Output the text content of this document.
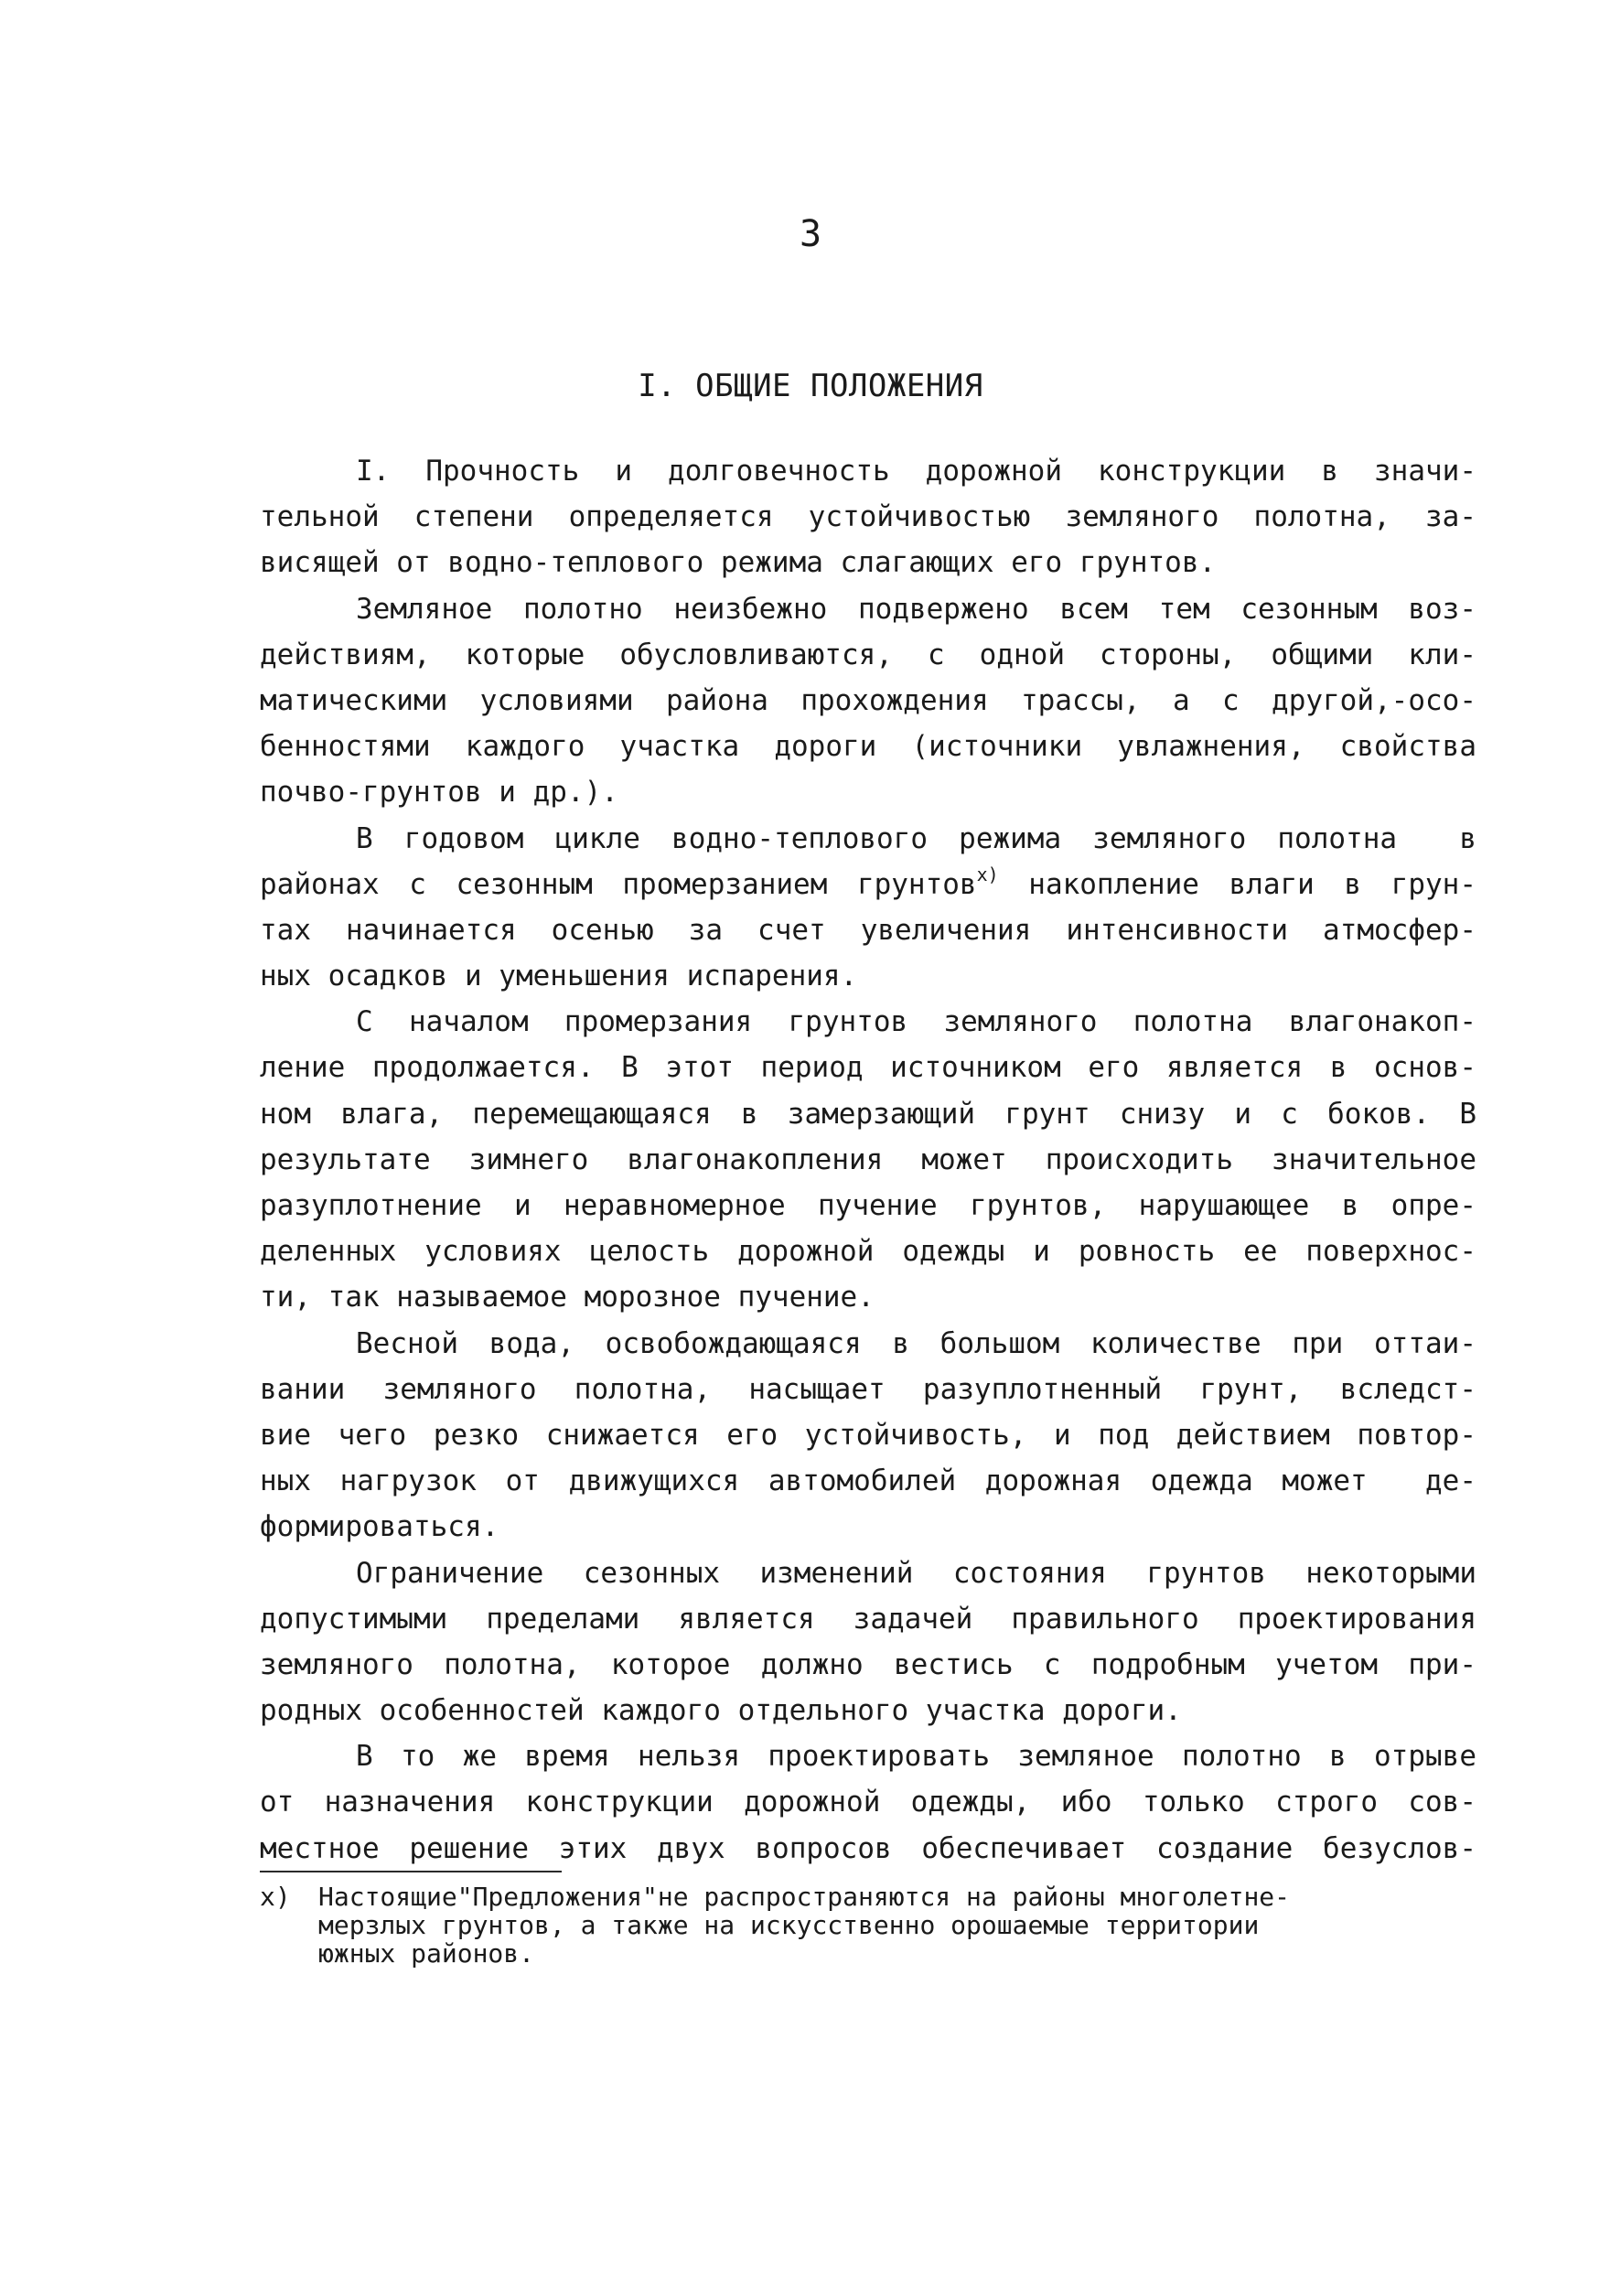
3
I. ОБЩИЕ ПОЛОЖЕНИЯ
I. Прочность и долговечность дорожной конструкции в значи-
тельной степени определяется устойчивостью земляного полотна, за-
висящей от водно-теплового режима слагающих его грунтов.
Земляное полотно неизбежно подвержено всем тем сезонным воз-
действиям, которые обусловливаются, с одной стороны, общими кли-
матическими условиями района прохождения трассы, а с другой,-осо-
бенностями каждого участка дороги (источники увлажнения, свойства
почво-грунтов и др.).
В годовом цикле водно-теплового режима земляного полотна  в
районах с сезонным промерзанием грунтов$^{x)}$ накопление влаги в грун-
тах начинается осенью за счет увеличения интенсивности атмосфер-
ных осадков и уменьшения испарения.
С началом промерзания грунтов земляного полотна влагонакоп-
ление продолжается. В этот период источником его является в основ-
ном влага, перемещающаяся в замерзающий грунт снизу и с боков. В
результате зимнего влагонакопления может происходить значительное
разуплотнение и неравномерное пучение грунтов, нарушающее в опре-
деленных условиях целость дорожной одежды и ровность ее поверхнос-
ти, так называемое морозное пучение.
Весной вода, освобождающаяся в большом количестве при оттаи-
вании земляного полотна, насыщает разуплотненный грунт, вследст-
вие чего резко снижается его устойчивость, и под действием повтор-
ных нагрузок от движущихся автомобилей дорожная одежда может  де-
формироваться.
Ограничение сезонных изменений состояния грунтов некоторыми
допустимыми пределами является задачей правильного проектирования
земляного полотна, которое должно вестись с подробным учетом при-
родных особенностей каждого отдельного участка дороги.
В то же время нельзя проектировать земляное полотно в отрыве
от назначения конструкции дорожной одежды, ибо только строго сов-
местное решение этих двух вопросов обеспечивает создание безуслов-
x) Настоящие"Предложения"не распространяются на районы многолетне-
мерзлых грунтов, а также на искусственно орошаемые территории
южных районов.
